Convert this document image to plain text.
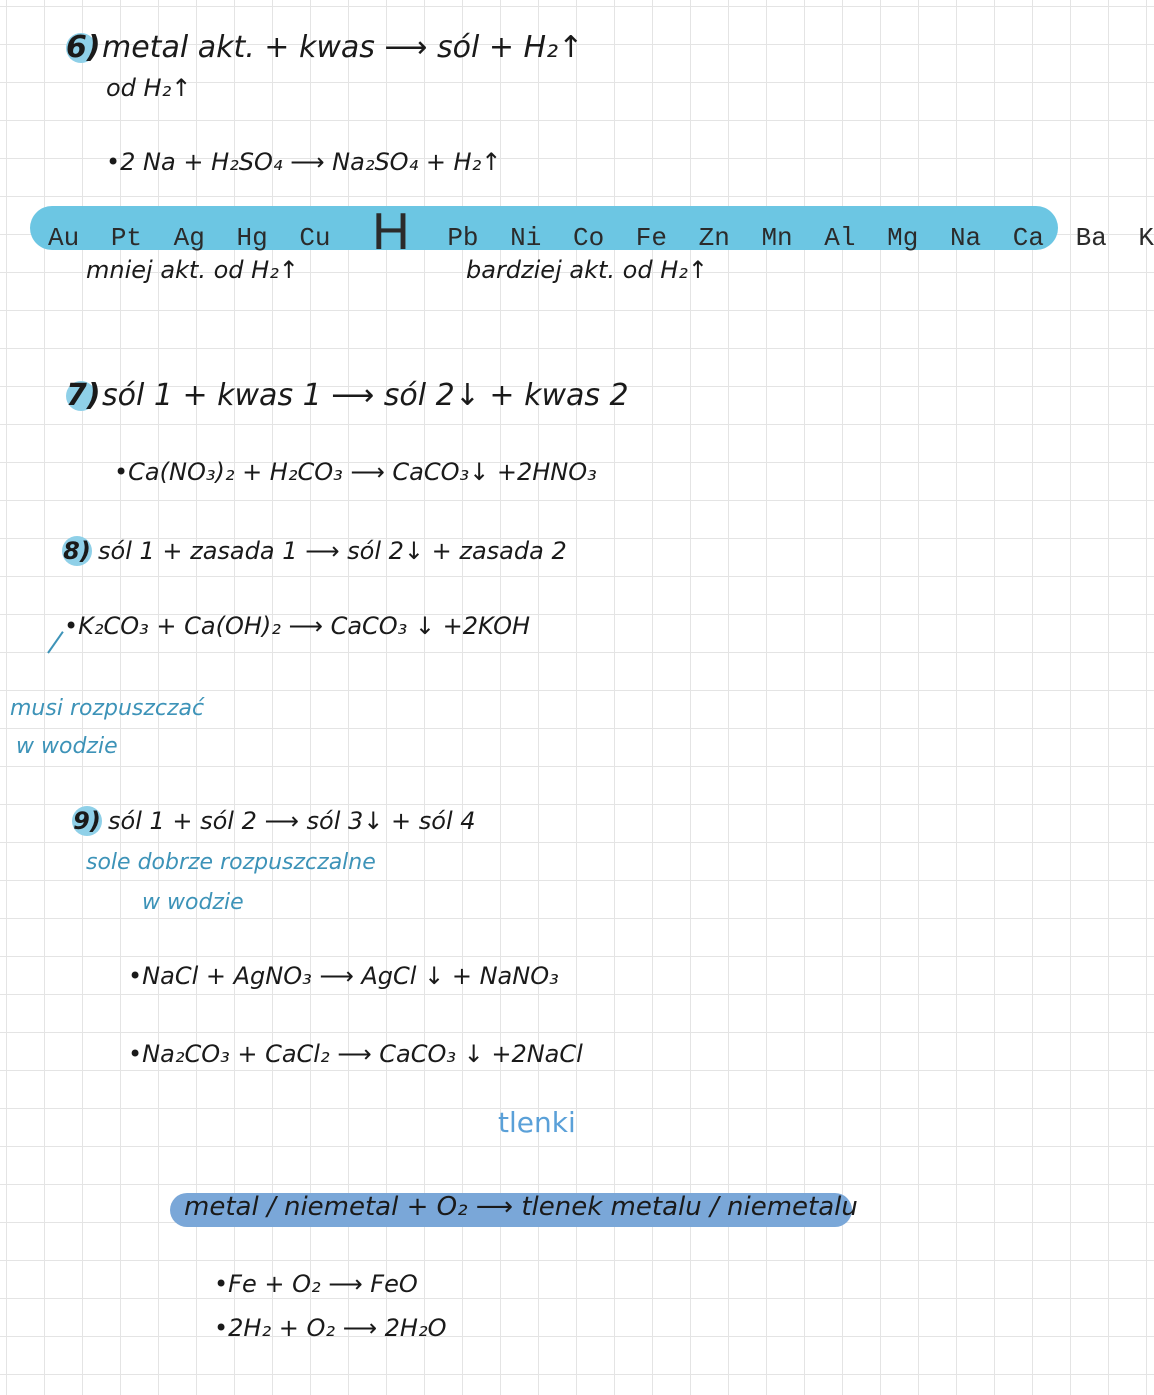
6)metal akt. + kwas ⟶ sól + H₂↑
od H₂↑
•2 Na + H₂SO₄ ⟶ Na₂SO₄ + H₂↑
Au Pt Ag Hg Cu H Pb Ni Co Fe Zn Mn Al Mg Na Ca Ba K
mniej akt. od H₂↑	bardziej akt. od H₂↑
7)sól 1 + kwas 1 ⟶ sól 2↓ + kwas 2
•Ca(NO₃)₂ + H₂CO₃ ⟶ CaCO₃↓ +2HNO₃
8) sól 1 + zasada 1 ⟶ sól 2↓ + zasada 2
•K₂CO₃ + Ca(OH)₂ ⟶ CaCO₃ ↓ +2KOH
musi rozpuszczać
w wodzie
9) sól 1 + sól 2 ⟶ sól 3↓ + sól 4
sole dobrze rozpuszczalne
w wodzie
•NaCl + AgNO₃ ⟶ AgCl ↓ + NaNO₃
•Na₂CO₃ + CaCl₂ ⟶ CaCO₃ ↓ +2NaCl
tlenki
metal / niemetal + O₂ ⟶ tlenek metalu / niemetalu
•Fe + O₂ ⟶ FeO
•2H₂ + O₂ ⟶ 2H₂O
